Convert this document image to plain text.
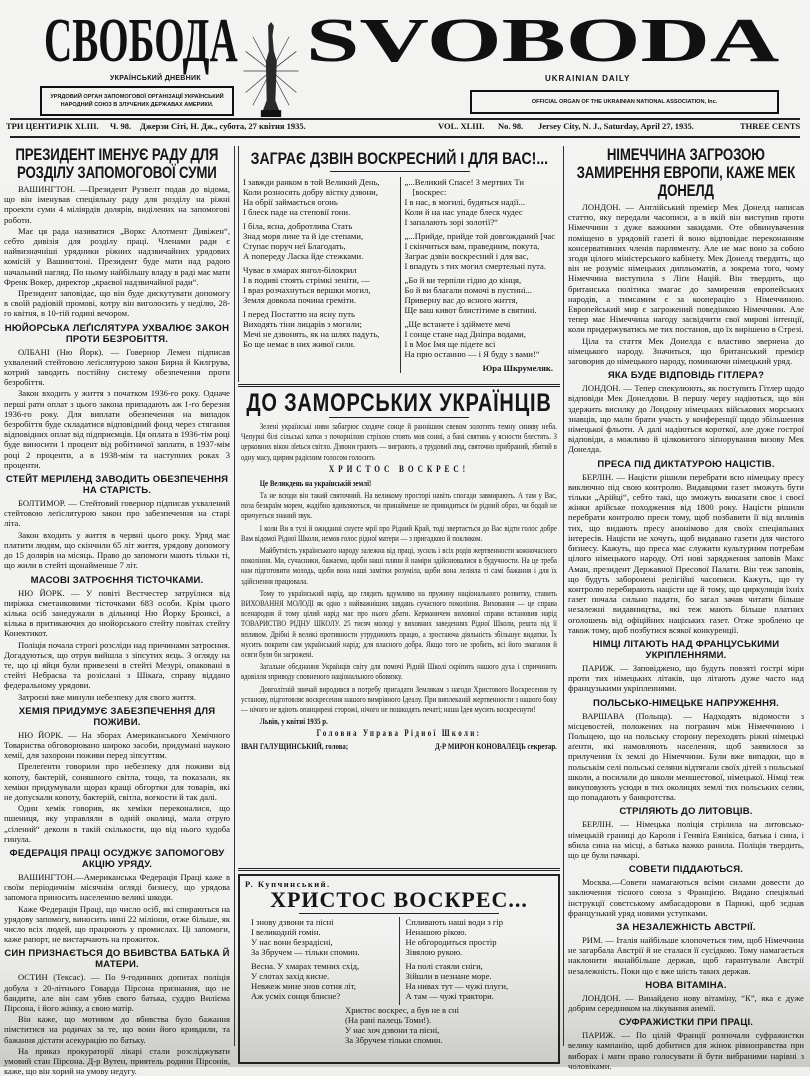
СВОБОДА SVOBODA
УКРАЇНСЬКИЙ ДНЕВНИК	UKRAINIAN DAILY
УРЯДОВИЙ ОРГАН ЗАПОМОГОВОЇ ОРГАНІЗАЦІЇ УКРАЇНСЬКИЙ НАРОДНИЙ СОЮЗ В ЗЛУЧЕНИХ ДЕРЖАВАХ АМЕРИКИ.	OFFICIAL ORGAN OF THE UKRAINIAN NATIONAL ASSOCIATION, Inc.
ТРИ ЦЕНТИ. РІК XLIII. Ч. 98. Джерзи Сіті, Н. Дж., субота, 27 квітня 1935.	VOL. XLIII. No. 98. Jersey City, N. J., Saturday, April 27, 1935.	THREE CENTS
ПРЕЗИДЕНТ ІМЕНУЄ РАДУ ДЛЯ РОЗДІЛУ ЗАПОМОГОВОЇ СУМИ

ВАШИНГТОН. —Президент Рузвелт подав до відома, що він іменував спеціяльну раду для розділу на ріжні проекти суми 4 міліярдів долярів, виділених на запомогові роботи.

Має ця рада називатися „Воркс Алотмент Дивіжен“, себто дивізія для розділу праці. Членами ради є найвизначніші урядники ріжних надзвичайних урядових комісій у Вашингтоні. Президент буде мати над радою начальний нагляд. По ньому найбільшу владу в раді має мати Френк Вокер, директор „краєвої надзвичайної ради“.

Президент заповідає, що він буде дискутувати допомогу в своїй радіовій промові, котру він виголосить у неділю, 28-го квітня, в 10-тій годині вечором.

НЮЙОРСЬКА ЛЕҐІСЛЯТУРА УХВАЛЮЄ ЗАКОН ПРОТИ БЕЗРОБІТТЯ.

ОЛБАНІ (Ню Йорк). — Говернор Лемен підписав ухвалений стейтовою леґіслятурою закон Бирна й Килгрува, котрий заводить постійну систему обезпечення проти безробіття.

Закон входить у життя з початком 1936-го року. Одначе перші рати оплат з цього закона припадають аж 1-го березня 1936-го року. Для виплати обезпечення на випадок безробіття буде складатися відповідний фонд через стягання відповідних оплат від підприємців. Ця оплата в 1936-тім році буде виносити 1 процент від робітничої заплати, в 1937-мім році 2 проценти, а в 1938-мім та наступних роках 3 проценти.

СТЕЙТ МЕРІЛЕНД ЗАВОДИТЬ ОБЕЗПЕЧЕННЯ НА СТАРІСТЬ.

БОЛТИМОР. — Стейтовий говернор підписав ухвалений стейтовою леґіслятурою закон про забезпечення на старі літа.

Закон входить у життя в червні цього року. Уряд має платити людям, що скінчили 65 літ життя, урядову допомогу до 15 долярів на місяць. Право до запомоги мають тільки ті, що жили в стейті щонайменше 7 літ.

МАСОВІ ЗАТРОЄННЯ ТІСТОЧКАМИ.

НЮ ЙОРК. — У повіті Вестчестер затруїлися від пиріжка сметанковими тісточками 683 особи. Крім цього кілька осіб занедужали в дільниці Ню Йорку Бронксі, а кілька в притикаючих до нюйорського стейту повітах стейту Конектикот.

Поліція почала строгі розсліди над причинами затроєння. Догадуються, що отруя вийшла з зіпсутих яєць. З огляду на те, що ці яйця були привезені в стейті Мезурі, опаковані в стейті Небраска та розіслані з Шікаґа, справу віддано федеральному урядови.

Затроєні вже минули небезпеку для свого життя.

ХЕМІЯ ПРИДУМУЄ ЗАБЕЗПЕЧЕННЯ ДЛЯ ПОЖИВИ.

НЮ ЙОРК. — На зборах Американського Хемічного Товариства обговорювано широко засоби, придумані наукою хемії, для захорони поживи перед зіпсуттям.

Прелеґенти говорили про небезпеку для поживи від копоту, бактерій, соняшного світла, тощо, та показали, як хеміки придумували щораз кращі обгортки для товарів, які не допускали копоту, бактерій, світла, вогкости й так далі.

Один хемік говорив, як хеміки переконалися, що пшениця, яку управляли в одній околиці, мала отрую „сілений“ деколи в такій скількости, що від нього худоба гинула.

ФЕДЕРАЦІЯ ПРАЦІ ОСУДЖУЄ ЗАПОМОГОВУ АКЦІЮ УРЯДУ.

ВАШИНГТОН.—Американська Федерація Праці каже в своїм періодичнім місячнім огляді бизнесу, що урядова запомога приносить населенню великі шкоди.

Каже Федерація Праці, що число осіб, які спираються на урядову запомогу, виносить нині 22 міліони, отже більше, як число всіх людей, що працюють у промислах. Ці запомоги, каже рапорт, не вистарчають на прожиток.

СИН ПРИЗНАЄТЬСЯ ДО ВБИВСТВА БАТЬКА Й МАТЕРИ.

ОСТИН (Тексас). — По 9-годинних допитах поліція добула з 20-літнього Говарда Пірсона признання, що не бандити, але він сам убив свого батька, суддю Вилієма Пірсона, і його жінку, а свою матір.

Він каже, що мотивом до вбивства було бажання пімститися на родичах за те, що вони його кривдили, та бажання дістати асекурацію по батьку.

На приказ прокураторії лікарі стали розсліджувати умовий стан Пірсона. Д-р Вутен, приятель родини Пірсонів, каже, що він хорий на умову недугу.

ЗАГРАЄ ДЗВІН ВОСКРЕСНИЙ І ДЛЯ ВАС!...
І завжди ранком в той Великий День,
Коли розносять добру вістку дзвони,
На обрії займається огонь
І блеск паде на степовії гони.
І біла, ясна, добротлива Стать
Знад моря лине та й іде степами,
Ступає поруч неї Благодать,
А попереду Ласка йде стежками.
Чуває в хмарах янгол-білокрил
І в подиві стоять стрімкі зеніти, —
І враз розчахнуться вершки могил,
Земля довкола почина греміти.
І перед Постаттю на ясну путь
Виходять тіни лицарів з могили;
Мечі не дзвонять, як на шлях падуть,
Бо ще немає в них живої сили.
„...Великий Спасе! З мертвих Ти [воскрес:
І в нас, в могилі, будяться надії...
Коли й на нас упаде блеск чудес
І запалають зорі золотії?“
„...Прийде, прийде той довгожданий [час
І скінчиться вам, праведним, покута,
Заграє дзвін воскресний і для вас,
І впадуть з тих могил смертельні пута.
„Бо й ви терпіли гідно до кінця,
Бо й ви благали помочі в пустині...
Приверну вас до ясного життя,
Ще ваш кивот блистітиме в святині.
„Ще встанете і здіймете мечі
І сонце стане над Дніпра водами,
І в Моє Імя ще підете всі
На прю останню — і Я буду з вами!“
Юра Шкрумеляк.
ДО ЗАМОРСЬКИХ УКРАЇНЦІВ

Зелені українські ниви забагрює сходяче сонце й раннішим свевом золотить темну синяву неба. Чепурні білі сільські хатки з почорнілою стріхою стоять мов сонні, а бані святинь у ясности блестять. З церковних вікон лletься світло. Дзвони грають — виграють, а трудовий люд, святочно прибраний, збитий в одну масу, щирим радісним голосом голосить

ХРИСТОС ВОСКРЕС!

Це Великдень на українській землі!

Та не всюди він такий святочний. На великому просторі навіть спогади завмирають. А там у Вас, поза безкраїм морем, жадібно вдивляються, чи принаймеше не привидиться їм рідний образ, чи бодай не причуеться знаний звук.

І коли Ви в тузі й ожиданні снуєте мрії про Рідний Край, тоді звертається до Вас відти голос добре Вам відомої Рідної Школи, немов голос рідної матери — з пригадкою й покликом.

Майбутність українського народу залежна від праці, зусиль і всіх родів жертвенности кожночасного покоління. Ми, сучасники, бажаємо, щоби наші пляни й наміри здійснювалися в будучности. На це треба нам підготовити молодь, щоби вона наші замітки розуміла, щоби вона леліяла ті самі бажання і для їх здійснення працювала.

Тому то український нарід, що глядить вдумливо на пружину національного розвитку, ставить ВИХОВАННЯ МОЛОДІ як одно з найважніших завдань сучасного покоління. Виховання — це справа всенародня й тому цілий нарід має про нього дбати. Керманичем виховної справи встановив нарід ТОВАРИСТВО РІДНУ ШКОЛУ. 25 тисяч молоді у виховних заведеннях Рідної Школи, решта під її впливом. Дрібні й великі противности утруднюють працю, а зростаюча діяльність збільшує видатки. Їх мусить покрити сам український нарід; для власного добра. Якщо того не зробить, всі його змагання й осяги були би загрожені.

Загальне обєднання Українців світу для помочі Рідній Школі скріпить нашого духа і спричинить вдовілля зприводу сповненого національного обовязку.

Довголітній звичай виродився в потребу пригадати Землякам з нагоди Христового Воскресення ту установу, підготовляє воскресення нашого вимріяного Ідеалу. При виплеканій жертвенности з нашого боку — нічого не вдіють опанцирені сторожі, нічого не пошкодять печаті; наша Ідея мусить воскреснути!

Львів, у квітні 1935 р.

Головна Управа Рідної Школи:
ІВАН ГАЛУЩИНСЬКИЙ, голова;	Д-Р МИРОН КОНОВАЛЕЦЬ секретар.
Р. Купчинський.
ХРИСТОС ВОСКРЕС...
І знову дзвони та пісні
І великодній гомін.
У нас вони безрадісні,
За Збручем — тільки спомин.
Весна. У хмарах темних схід,
У слотах захід кисне.
Невжеж мине знов сотня літ,
Аж усміх сонця блисне?
Спливають наші води з гір
Ненашою рікою.
Не обгородиться простір
Зівялою рукою.
На полі стаяли сніги,
Зійшли в незнане море.
На нивах тут — чужі плуги,
А там — чужі трактори.
Христос воскрес, а був не в сні
(На рані палець Томи!).
У нас хоч дзвони та пісні,
За Збручем тільки спомин.
НІМЕЧЧИНА ЗАГРОЗОЮ ЗАМИРЕННЯ ЕВРОПИ, КАЖЕ МЕК ДОНЕЛД

ЛОНДОН. — Англійський премієр Мек Донелд написав статтю, яку передали часописи, а в якій він виступив проти Німеччини з дуже важкими закидами. Оте обвинувачення поміщено в урядовій газеті й воно відповідає переконанням консервативних членів парляменту. Але не має воно за собою згоди цілого міністерського кабінету. Мек Донелд твердить, що він не розуміє німецьких дипльоматів, а зокрема того, чому Німеччина виступила з Ліґи Націй. Він твердить, що британська політика змагає до замирення европейських народів, а тимсамим є за кооперацію з Німеччиною. Европейський мир є загрожений поведінкою Німеччини. Але тепер має Німеччина нагоду засвідчити свої мирові інтенції, коли придержуватись ме тих постанов, що їх вирішено в Стрезі.

Ціла та стаття Мек Донелда є властиво звернена до німецького народу. Значиться, що британський премієр заговорив до німецького народу, поминаючи німецький уряд.

ЯКА БУДЕ ВІДПОВІДЬ ГІТЛЕРА?

ЛОНДОН. — Тепер спекулюють, як поступить Гітлер щодо відповіди Мек Донелдови. В першу чергу надіються, що він здержить висилку до Лондону німецьких військових морських знавців, що мали брати участь у конференції щодо збільшення німецької фльоти. А далі надіються короткої, але дуже гострої відповіди, а можливо й цілковитого зіґнорування визову Мек Донелда.

ПРЕСА ПІД ДИКТАТУРОЮ НАЦІСТІВ.

БЕРЛІН. — Націсти рішили перебрати всю німецьку пресу виключно під свою контролю. Видавцями газет зможуть бути тільки „Арійці“, себто такі, що зможуть виказати своє і своєї жінки арійське походження від 1800 року. Націсти рішили перебрати контролю преси тому, щоб позбавити її від впливів тих, що видають пресу анонімово для своїх спеціяльних інтересів. Націсти не хочуть, щоб видавано газети для чистого бизнесу. Кажуть, що преса має служити культурним потребам цілого німецького народу. Оті нові зарядження заповів Макс Аман, президент Державної Пресової Палати. Він теж заповів, що будуть заборонені релігійні часописи. Кажуть, що ту контролю перебирають націсти ще й тому, що циркуляція їхніх газет почала сильно падати, бо загал зачав читати більше незалежні видавництва, які теж мають більше платних оголошень від офіційних націських газет. Отже зроблено це також тому, щоб позбутися всякої конкуренції.

НІМЦІ ЛІТАЮТЬ НАД ФРАНЦУСЬКИМИ УКРІПЛЕННЯМИ.

ПАРИЖ. — Заповіджено, що будуть повзяті гострі міри проти тих німецьких літаків, що літають дуже часто над французькими укріпленнями.

ПОЛЬСЬКО-НІМЕЦЬКЕ НАПРУЖЕННЯ.

ВАРШАВА (Польща). — Надходять відомости з місцевостей, положених на погранич між Німеччиною і Польщею, що на польську сторону переходять ріжні німецькі аґенти, які намовляють населення, щоб заявилося за прилучення їх землі до Німеччини. Були вже випадки, що в польськім селі польські селяни відтягали своїх дітей з польської школи, а посилали до школи меншеєтової, німецької. Німці теж викуповують усюди в тих околицях землі тих польських селян, що попадають у банкротства.

СТРІЛЯЮТЬ ДО ЛИТОВЦІВ.

БЕРЛІН. — Німецька поліція стрілила на литовсько-німецькій границі до Кароля і Генвіґа Еянікіса, батька і сина, і вбила сина на місці, а батька важко ранила. Поліція твердить, що це були пачкарі.

СОВЕТИ ПІДДАЮТЬСЯ.

Москва.—Совети намагаються всіми силами довести до заключення тісного союза з Францією. Видано спеціяльні інструкції совєтському амбасадорови в Парижі, щоб зєднав французький уряд новими уступками.

ЗА НЕЗАЛЕЖНІСТЬ АВСТРІЇ.

РИМ. — Італія найбільше клопочеться тим, щоб Німеччина не загарбала Австрії й не сталася її сусідкою. Тому намагається наклонити якнайбільше держав, щоб гарантували Австрії незалежність. Поки що є вже шість таких держав.

НОВА ВІТАМІНА.

ЛОНДОН. — Винайдено нову вітаміну, “К”, яка є дуже добрим середником на лікування анемії.

СУФРАЖИСТКИ ПРИ ПРАЦІ.

ПАРИЖ. — По цілій Франції розпочали суфражистки велику кампанію, щоб добитися для жінок рівноправства при виборах і мати право голосувати й бути вибраними нарівні з чоловіками.
